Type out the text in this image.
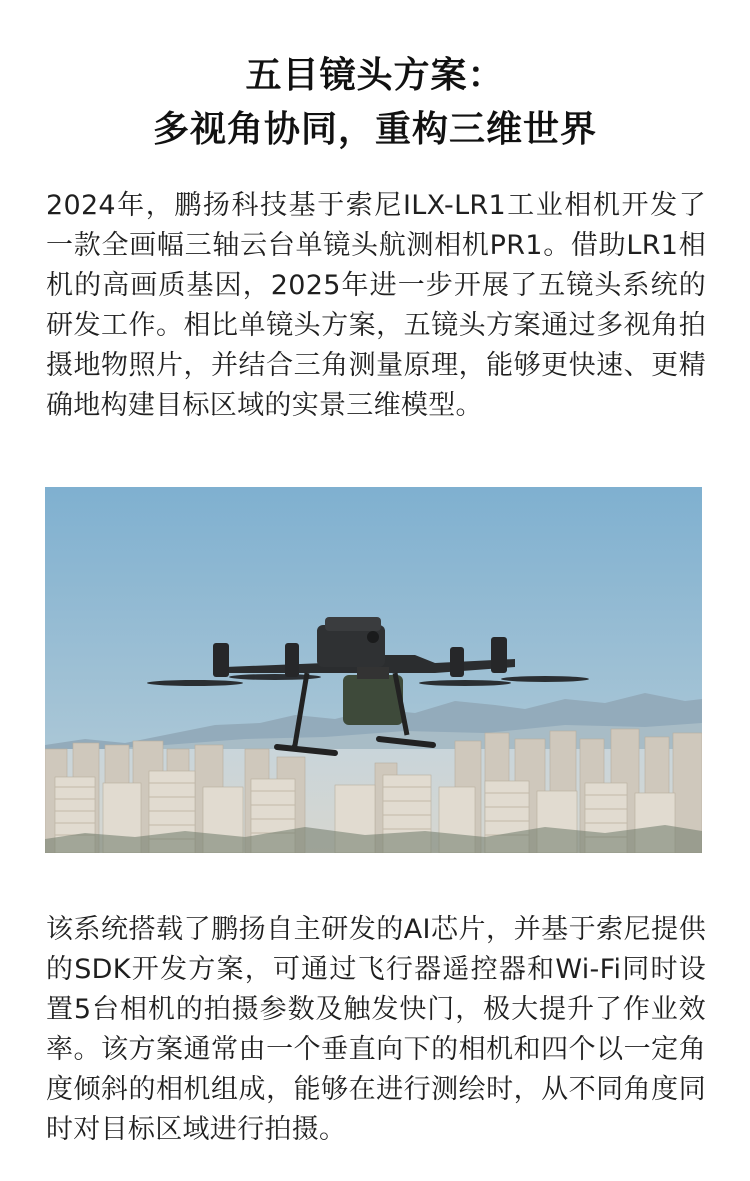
五目镜头方案：
多视角协同，重构三维世界
2024年，鹏扬科技基于索尼ILX-LR1工业相机开发了一款全画幅三轴云台单镜头航测相机PR1。借助LR1相机的高画质基因，2025年进一步开展了五镜头系统的研发工作。相比单镜头方案，五镜头方案通过多视角拍摄地物照片，并结合三角测量原理，能够更快速、更精确地构建目标区域的实景三维模型。
该系统搭载了鹏扬自主研发的AI芯片，并基于索尼提供的SDK开发方案，可通过飞行器遥控器和Wi-Fi同时设置5台相机的拍摄参数及触发快门，极大提升了作业效率。该方案通常由一个垂直向下的相机和四个以一定角度倾斜的相机组成，能够在进行测绘时，从不同角度同时对目标区域进行拍摄。
